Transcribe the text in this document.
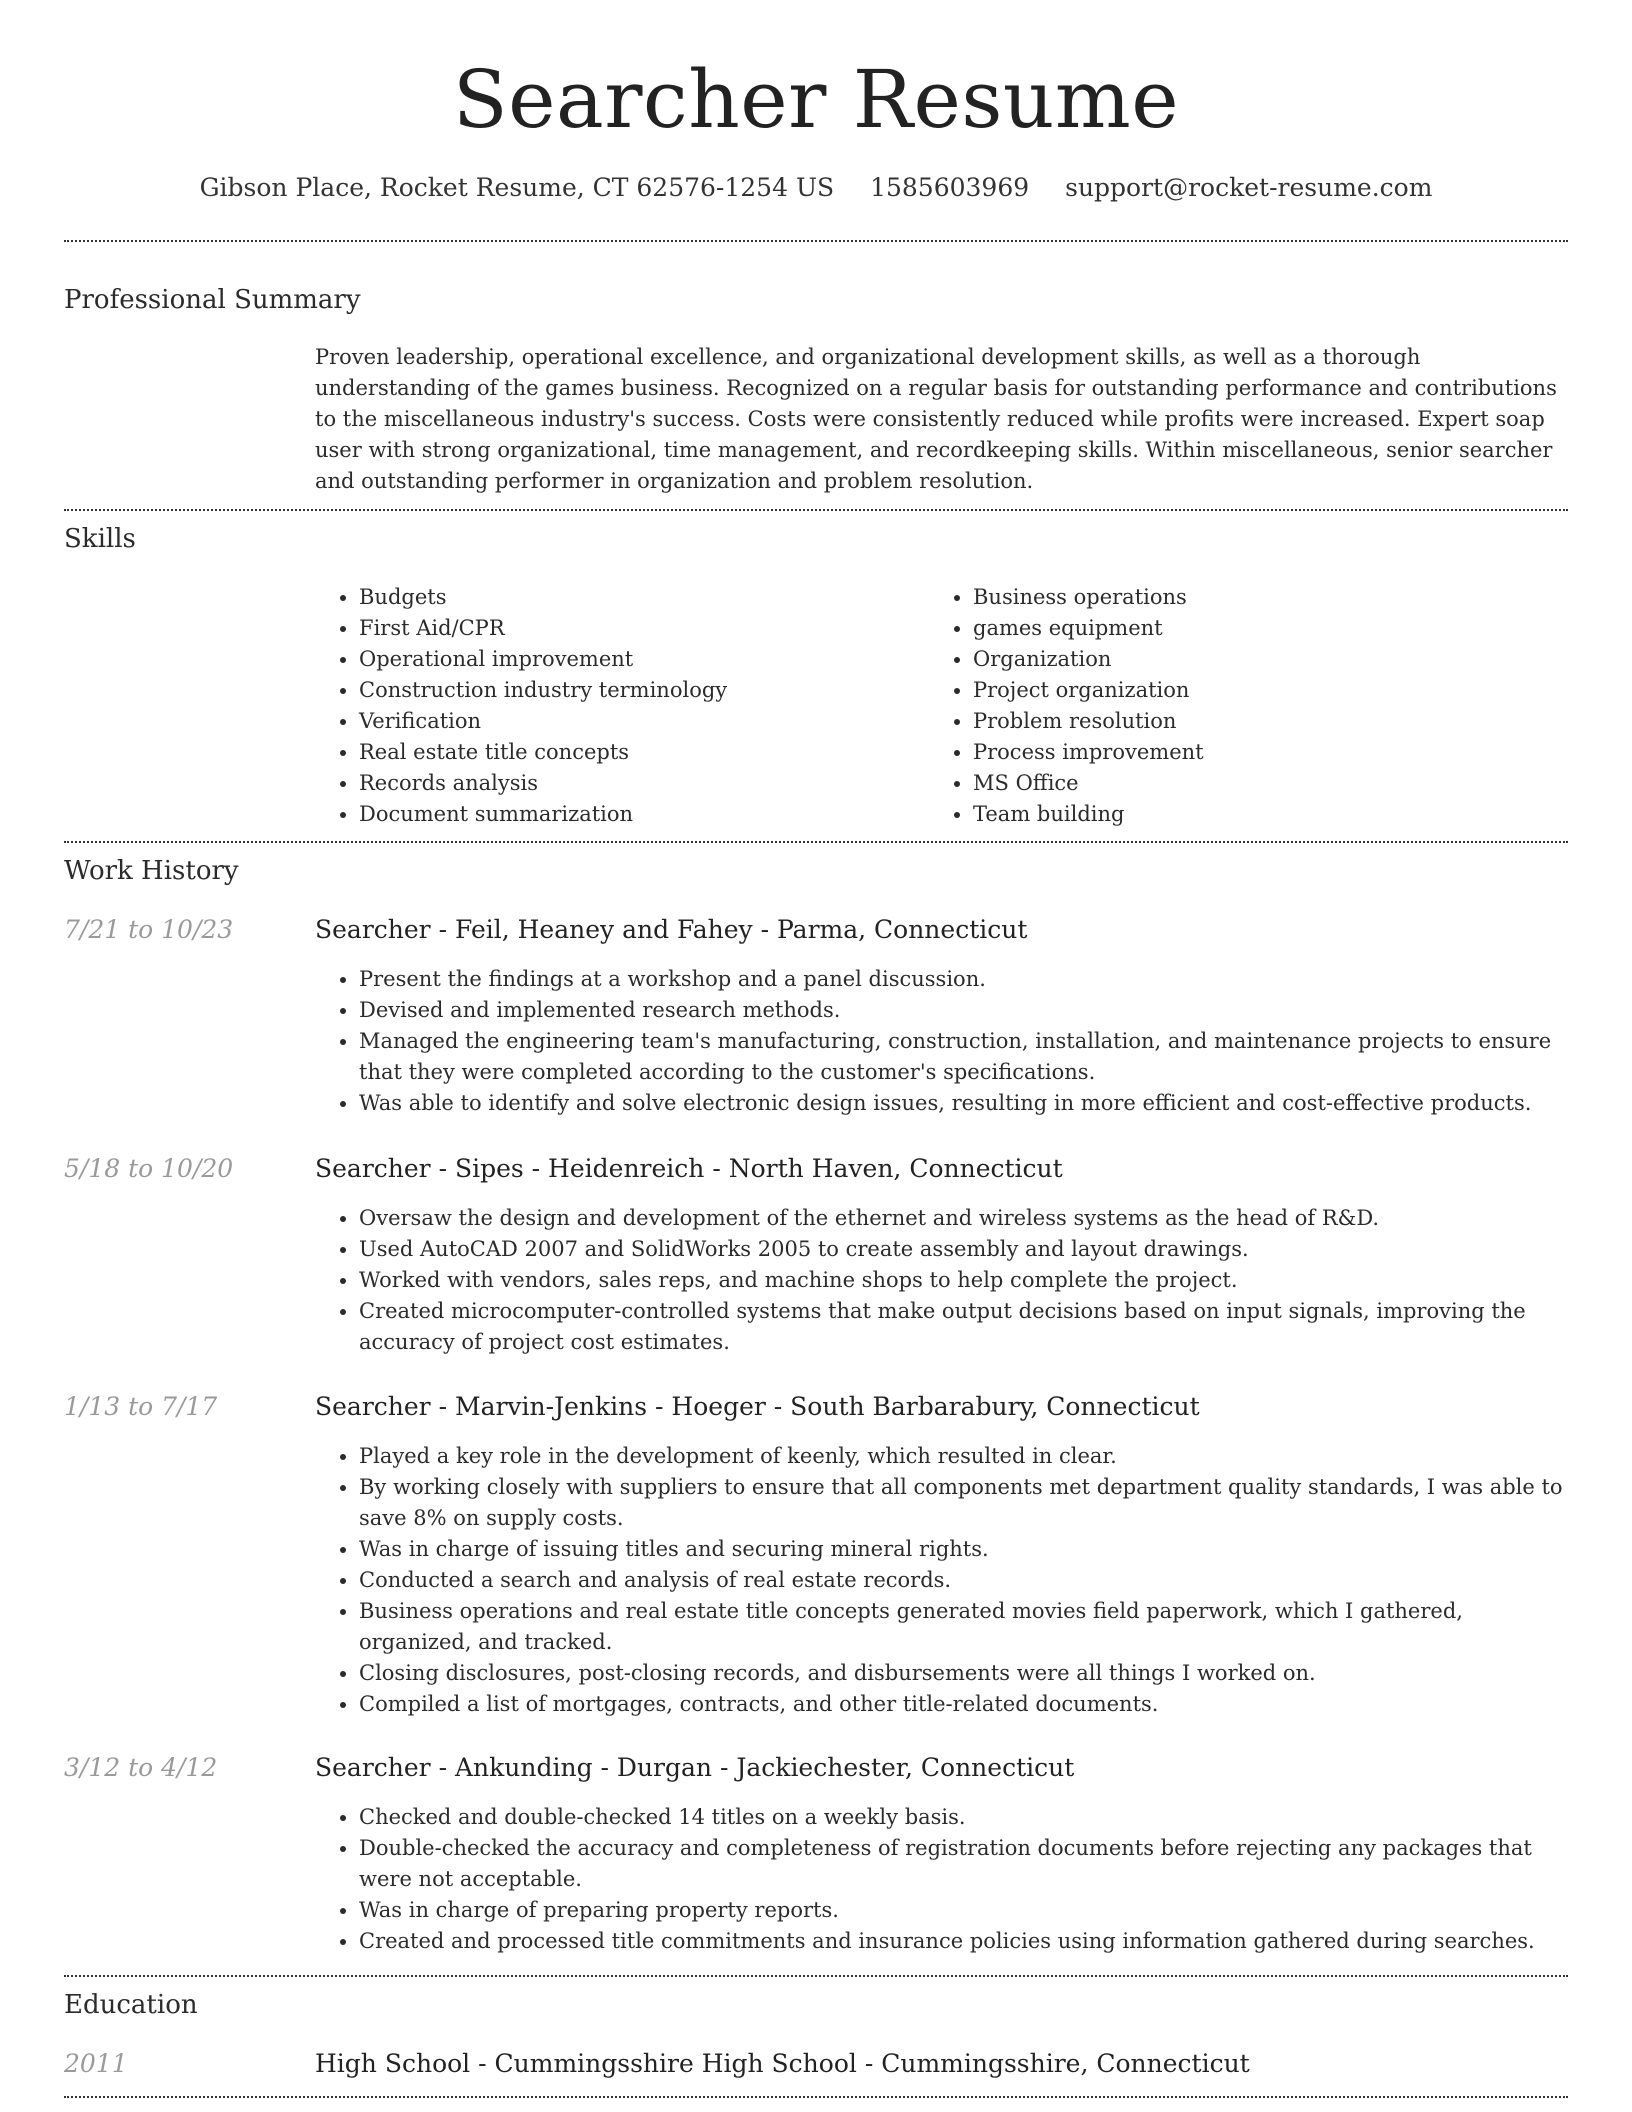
Searcher Resume
Gibson Place, Rocket Resume, CT 62576-1254 US 1585603969 support@rocket-resume.com
Professional Summary
Proven leadership, operational excellence, and organizational development skills, as well as a thorough understanding of the games business. Recognized on a regular basis for outstanding performance and contributions to the miscellaneous industry's success. Costs were consistently reduced while profits were increased. Expert soap user with strong organizational, time management, and recordkeeping skills. Within miscellaneous, senior searcher and outstanding performer in organization and problem resolution.
Skills
• Budgets
• First Aid/CPR
• Operational improvement
• Construction industry terminology
• Verification
• Real estate title concepts
• Records analysis
• Document summarization
• Business operations
• games equipment
• Organization
• Project organization
• Problem resolution
• Process improvement
• MS Office
• Team building
Work History
7/21 to 10/23	Searcher - Feil, Heaney and Fahey - Parma, Connecticut
• Present the findings at a workshop and a panel discussion.
• Devised and implemented research methods.
• Managed the engineering team's manufacturing, construction, installation, and maintenance projects to ensure that they were completed according to the customer's specifications.
• Was able to identify and solve electronic design issues, resulting in more efficient and cost-effective products.
5/18 to 10/20	Searcher - Sipes - Heidenreich - North Haven, Connecticut
• Oversaw the design and development of the ethernet and wireless systems as the head of R&D.
• Used AutoCAD 2007 and SolidWorks 2005 to create assembly and layout drawings.
• Worked with vendors, sales reps, and machine shops to help complete the project.
• Created microcomputer-controlled systems that make output decisions based on input signals, improving the accuracy of project cost estimates.
1/13 to 7/17	Searcher - Marvin-Jenkins - Hoeger - South Barbarabury, Connecticut
• Played a key role in the development of keenly, which resulted in clear.
• By working closely with suppliers to ensure that all components met department quality standards, I was able to save 8% on supply costs.
• Was in charge of issuing titles and securing mineral rights.
• Conducted a search and analysis of real estate records.
• Business operations and real estate title concepts generated movies field paperwork, which I gathered, organized, and tracked.
• Closing disclosures, post-closing records, and disbursements were all things I worked on.
• Compiled a list of mortgages, contracts, and other title-related documents.
3/12 to 4/12	Searcher - Ankunding - Durgan - Jackiechester, Connecticut
• Checked and double-checked 14 titles on a weekly basis.
• Double-checked the accuracy and completeness of registration documents before rejecting any packages that were not acceptable.
• Was in charge of preparing property reports.
• Created and processed title commitments and insurance policies using information gathered during searches.
Education
2011	High School - Cummingsshire High School - Cummingsshire, Connecticut
